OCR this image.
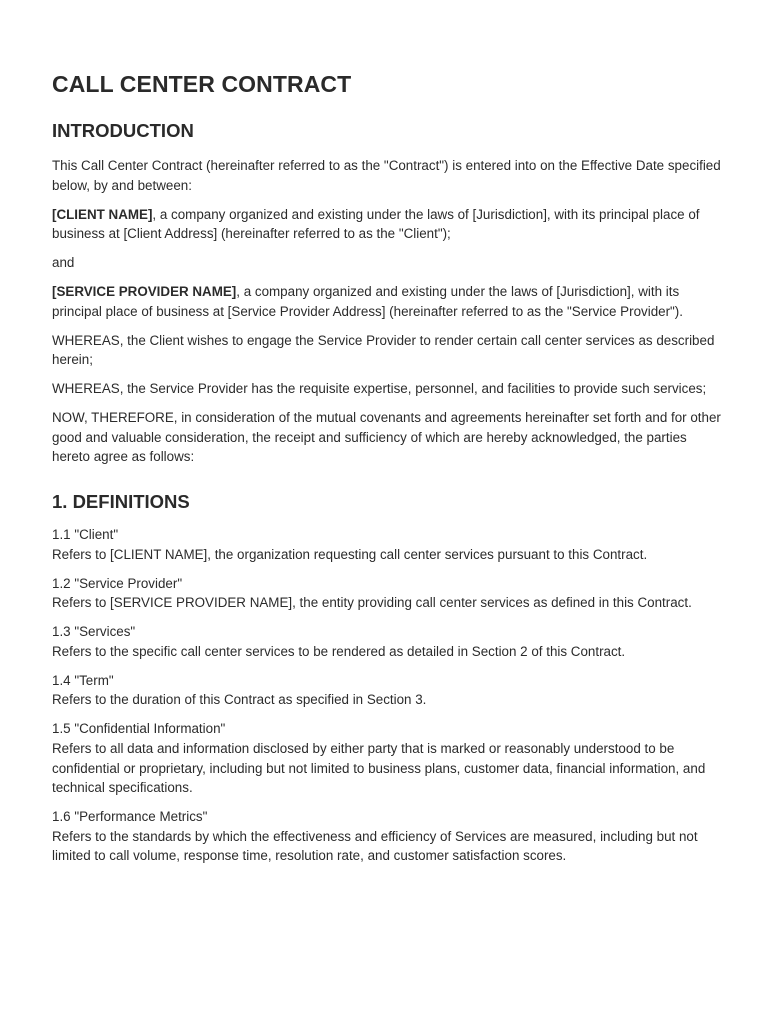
CALL CENTER CONTRACT
INTRODUCTION

This Call Center Contract (hereinafter referred to as the "Contract") is entered into on the Effective Date specified below, by and between:

[CLIENT NAME], a company organized and existing under the laws of [Jurisdiction], with its principal place of business at [Client Address] (hereinafter referred to as the "Client");

and

[SERVICE PROVIDER NAME], a company organized and existing under the laws of [Jurisdiction], with its principal place of business at [Service Provider Address] (hereinafter referred to as the "Service Provider").

WHEREAS, the Client wishes to engage the Service Provider to render certain call center services as described herein;

WHEREAS, the Service Provider has the requisite expertise, personnel, and facilities to provide such services;

NOW, THEREFORE, in consideration of the mutual covenants and agreements hereinafter set forth and for other good and valuable consideration, the receipt and sufficiency of which are hereby acknowledged, the parties hereto agree as follows:

1. DEFINITIONS

1.1 "Client"
Refers to [CLIENT NAME], the organization requesting call center services pursuant to this Contract.

1.2 "Service Provider"
Refers to [SERVICE PROVIDER NAME], the entity providing call center services as defined in this Contract.

1.3 "Services"
Refers to the specific call center services to be rendered as detailed in Section 2 of this Contract.

1.4 "Term"
Refers to the duration of this Contract as specified in Section 3.

1.5 "Confidential Information"
Refers to all data and information disclosed by either party that is marked or reasonably understood to be confidential or proprietary, including but not limited to business plans, customer data, financial information, and technical specifications.

1.6 "Performance Metrics"
Refers to the standards by which the effectiveness and efficiency of Services are measured, including but not limited to call volume, response time, resolution rate, and customer satisfaction scores.
